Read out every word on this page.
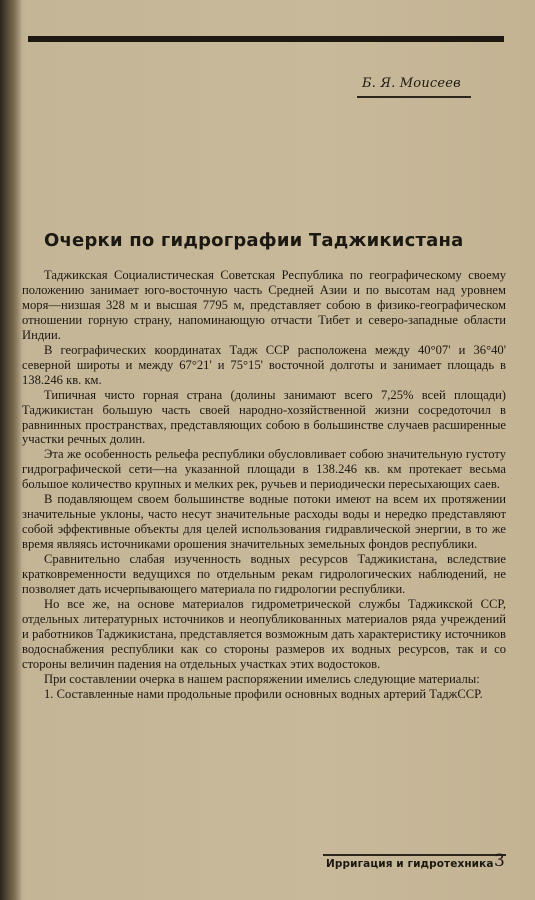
Б. Я. Моисеев
Очерки по гидрографии Таджикистана

Таджикская Социалистическая Советская Республика по географическому своему положению занимает юго-восточную часть Средней Азии и по высотам над уровнем моря—низшая 328 м и высшая 7795 м, представляет собою в физико-географическом отношении горную страну, напоминающую отчасти Тибет и северо-западные области Индии.

В географических координатах Тадж ССР расположена между 40°07' и 36°40' северной широты и между 67°21' и 75°15' восточной долготы и занимает площадь в 138.246 кв. км.

Типичная чисто горная страна (долины занимают всего 7,25% всей площади) Таджикистан большую часть своей народно-хозяйственной жизни сосредоточил в равнинных пространствах, представляющих собою в большинстве случаев расширенные участки речных долин.

Эта же особенность рельефа республики обусловливает собою значительную густоту гидрографической сети—на указанной площади в 138.246 кв. км протекает весьма большое количество крупных и мелких рек, ручьев и периодически пересыхающих саев.

В подавляющем своем большинстве водные потоки имеют на всем их протяжении значительные уклоны, часто несут значительные расходы воды и нередко представляют собой эффективные объекты для целей использования гидравлической энергии, в то же время являясь источниками орошения значительных земельных фондов республики.

Сравнительно слабая изученность водных ресурсов Таджикистана, вследствие кратковременности ведущихся по отдельным рекам гидрологических наблюдений, не позволяет дать исчерпывающего материала по гидрологии республики.

Но все же, на основе материалов гидрометрической службы Таджикской ССР, отдельных литературных источников и неопубликованных материалов ряда учреждений и работников Таджикистана, представляется возможным дать характеристику источников водоснабжения республики как со стороны размеров их водных ресурсов, так и со стороны величин падения на отдельных участках этих водостоков.

При составлении очерка в нашем распоряжении имелись следующие материалы:

1. Составленные нами продольные профили основных водных артерий ТаджССР.

Ирригация и гидротехника 3
